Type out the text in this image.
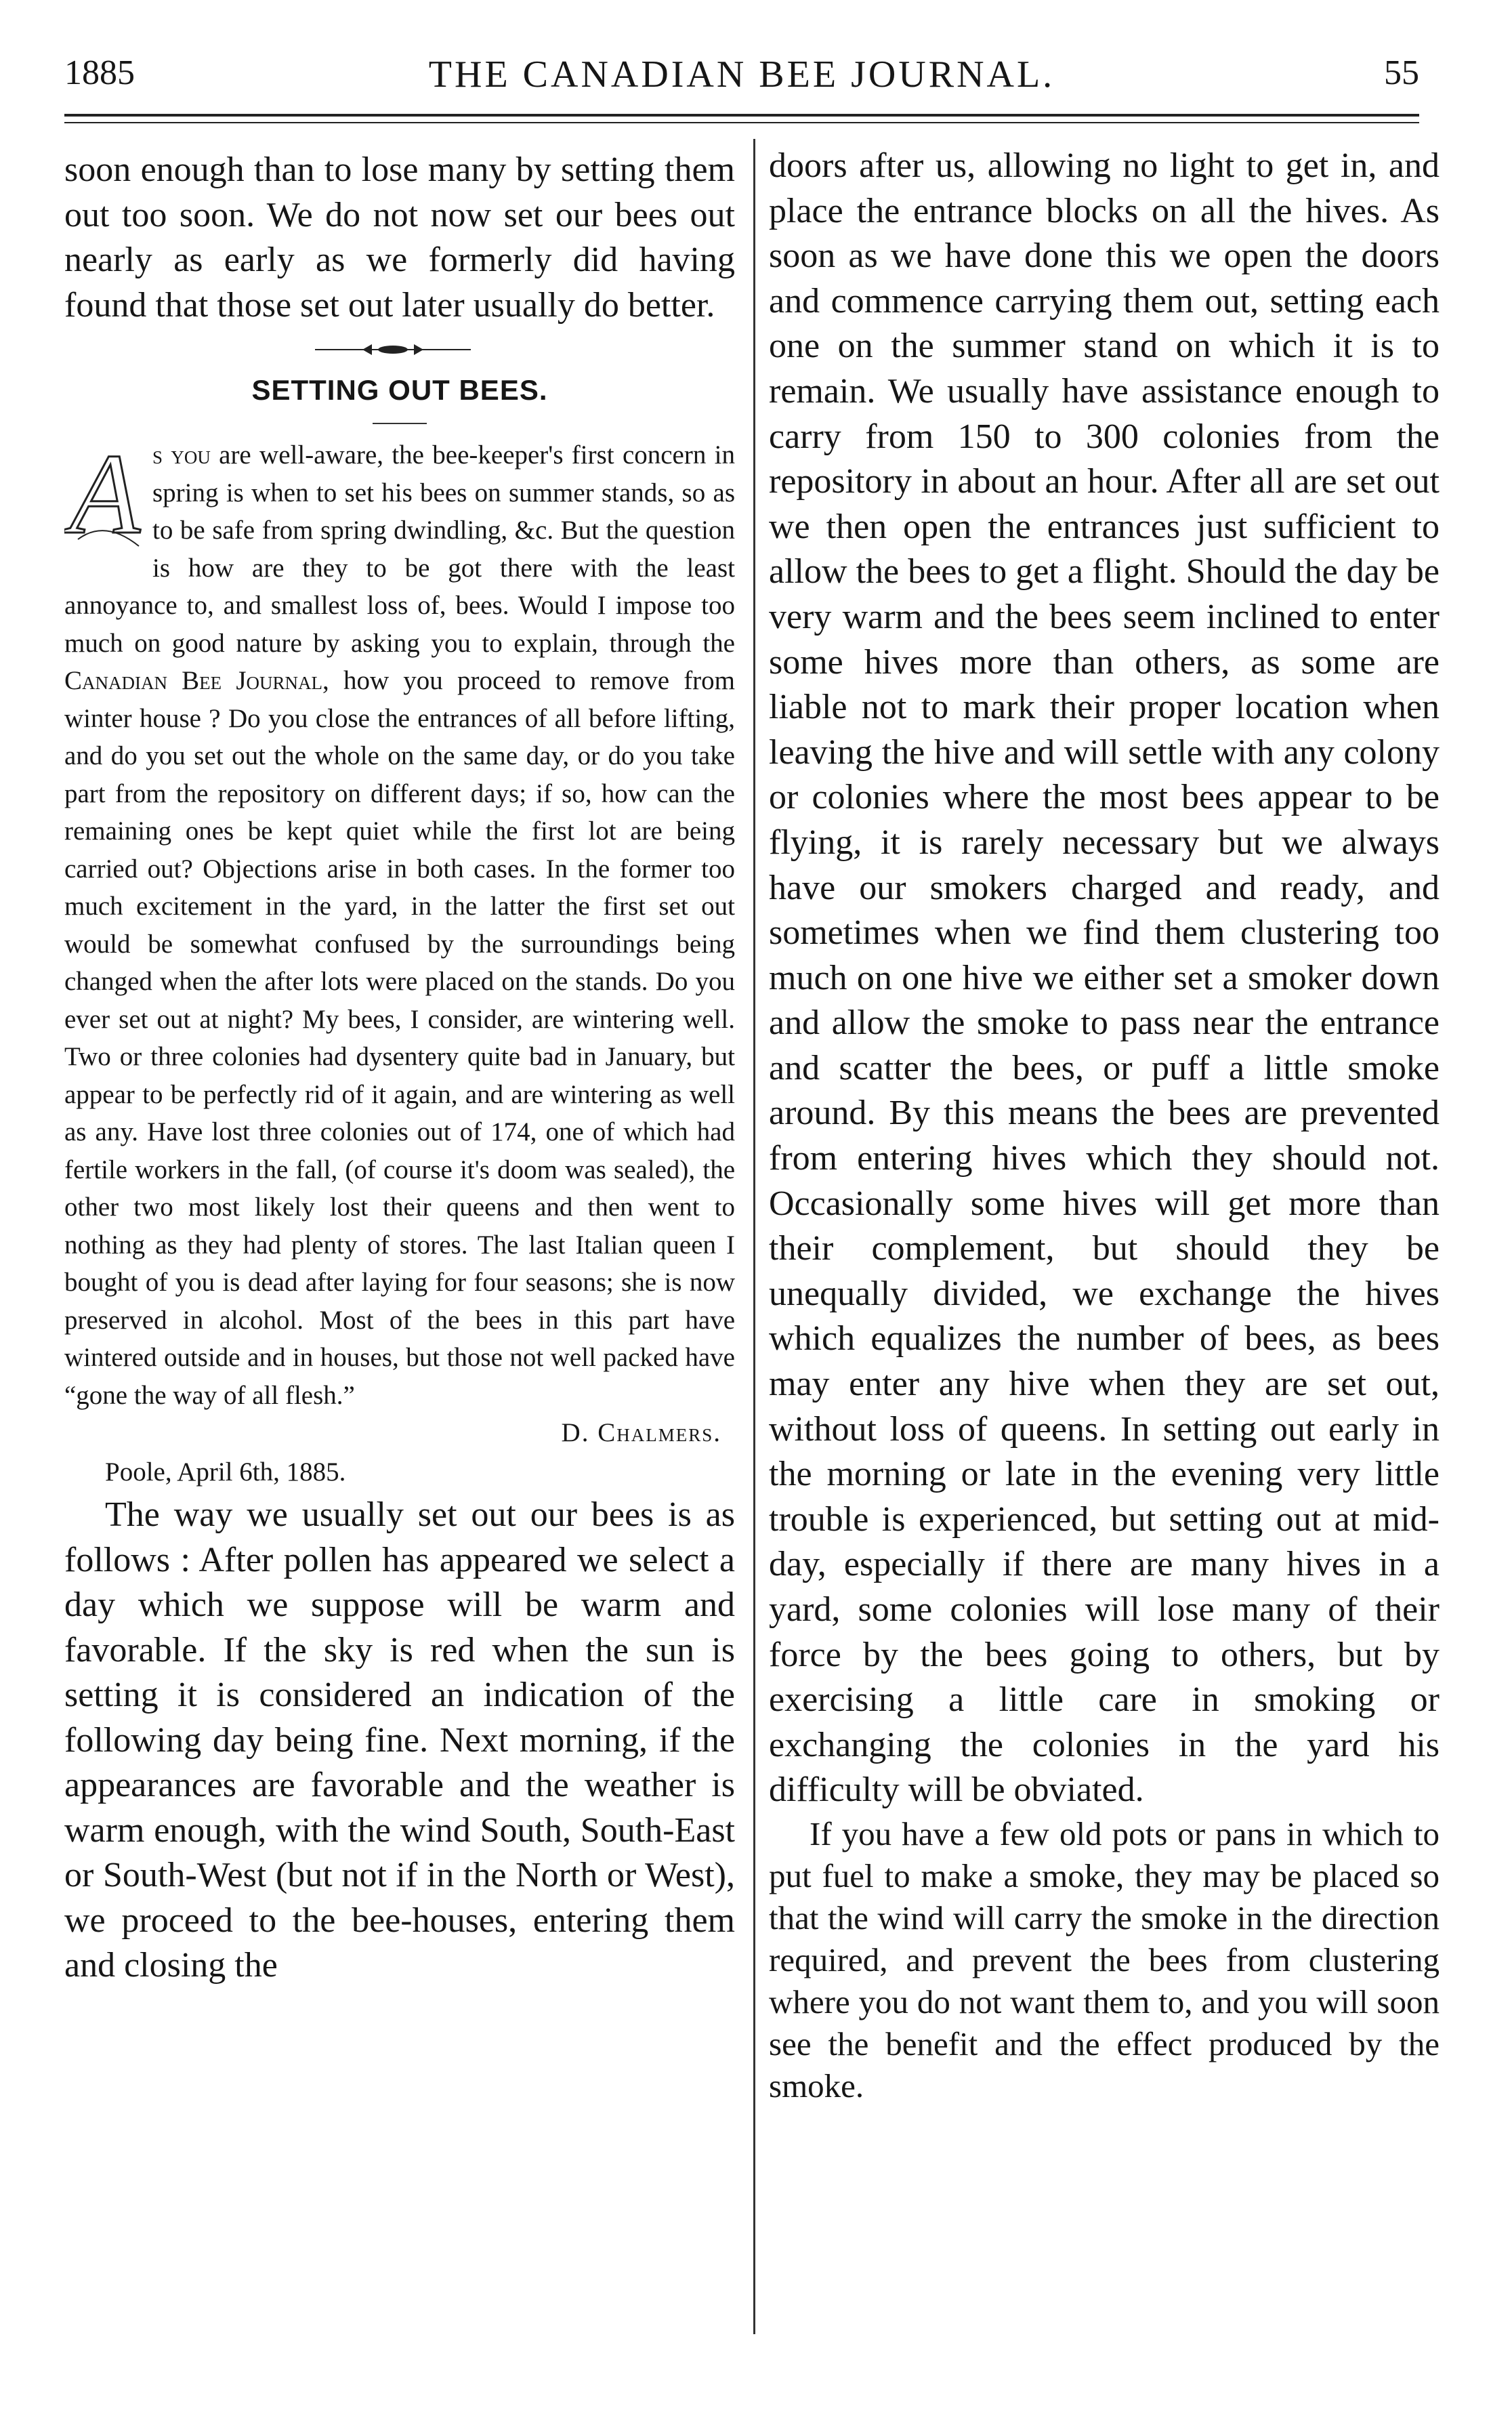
1885	THE CANADIAN BEE JOURNAL.	55

soon enough than to lose many by setting them out too soon. We do not now set our bees out nearly as early as we formerly did having found that those set out later usually do better.

SETTING OUT BEES.
A s you are well-aware, the bee-keeper's first concern in spring is when to set his bees on summer stands, so as to be safe from spring dwindling, &c. But the question is how are they to be got there with the least annoyance to, and smallest loss of, bees. Would I impose too much on good nature by asking you to explain, through the Canadian Bee Journal, how you proceed to remove from winter house ? Do you close the entrances of all before lifting, and do you set out the whole on the same day, or do you take part from the repository on different days; if so, how can the remaining ones be kept quiet while the first lot are being carried out? Objections arise in both cases. In the former too much excitement in the yard, in the latter the first set out would be somewhat confused by the surroundings being changed when the after lots were placed on the stands. Do you ever set out at night? My bees, I consider, are wintering well. Two or three colonies had dysentery quite bad in January, but appear to be perfectly rid of it again, and are wintering as well as any. Have lost three colonies out of 174, one of which had fertile workers in the fall, (of course it's doom was sealed), the other two most likely lost their queens and then went to nothing as they had plenty of stores. The last Italian queen I bought of you is dead after laying for four seasons; she is now preserved in alcohol. Most of the bees in this part have wintered outside and in houses, but those not well packed have “gone the way of all flesh.”

D. Chalmers.

Poole, April 6th, 1885.

The way we usually set out our bees is as follows : After pollen has appeared we select a day which we suppose will be warm and favorable. If the sky is red when the sun is setting it is considered an indication of the following day being fine. Next morning, if the appearances are favorable and the weather is warm enough, with the wind South, South-East or South-West (but not if in the North or West), we proceed to the bee-houses, entering them and closing the

doors after us, allowing no light to get in, and place the entrance blocks on all the hives. As soon as we have done this we open the doors and commence carrying them out, setting each one on the summer stand on which it is to remain. We usually have assistance enough to carry from 150 to 300 colonies from the repository in about an hour. After all are set out we then open the entrances just sufficient to allow the bees to get a flight. Should the day be very warm and the bees seem inclined to enter some hives more than others, as some are liable not to mark their proper location when leaving the hive and will settle with any colony or colonies where the most bees appear to be flying, it is rarely necessary but we always have our smokers charged and ready, and sometimes when we find them clustering too much on one hive we either set a smoker down and allow the smoke to pass near the entrance and scatter the bees, or puff a little smoke around. By this means the bees are prevented from entering hives which they should not. Occasionally some hives will get more than their complement, but should they be unequally divided, we exchange the hives which equalizes the number of bees, as bees may enter any hive when they are set out, without loss of queens. In setting out early in the morning or late in the evening very little trouble is experienced, but setting out at mid-day, especially if there are many hives in a yard, some colonies will lose many of their force by the bees going to others, but by exercising a little care in smoking or exchanging the colonies in the yard his difficulty will be obviated.

If you have a few old pots or pans in which to put fuel to make a smoke, they may be placed so that the wind will carry the smoke in the direction required, and prevent the bees from clustering where you do not want them to, and you will soon see the benefit and the effect produced by the smoke.
